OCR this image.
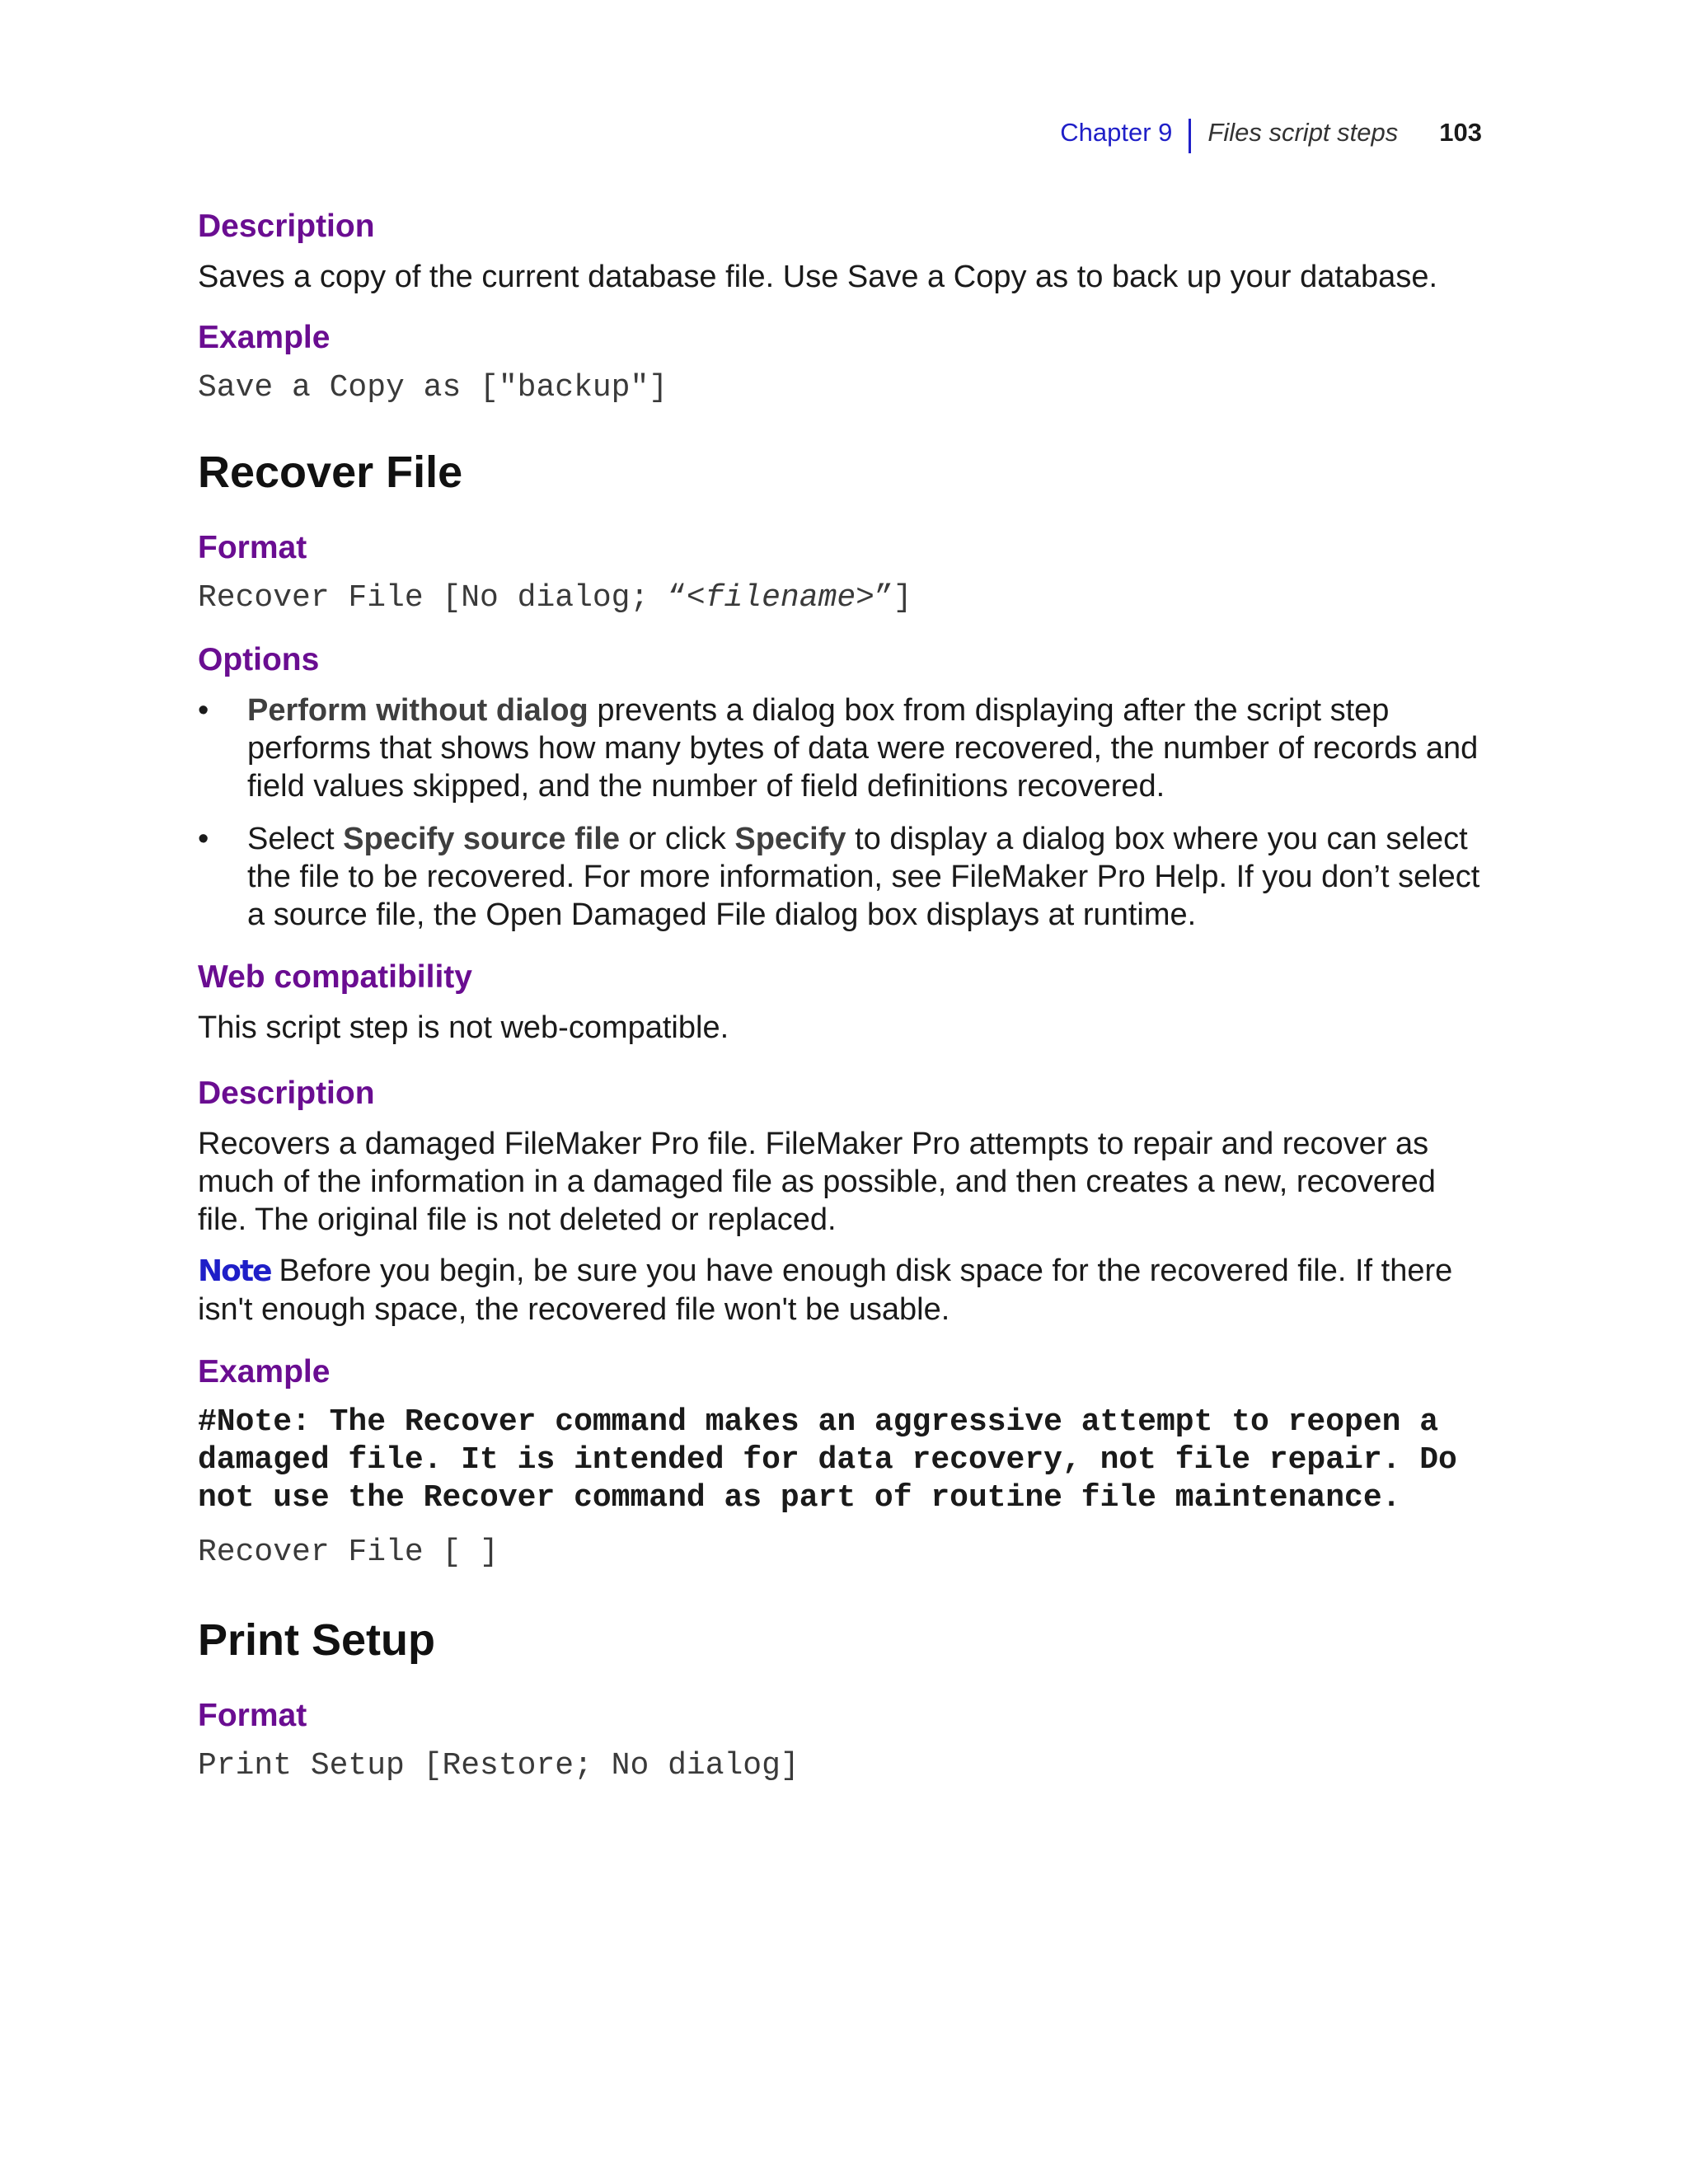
Chapter 9 Files script steps 103
Description

Saves a copy of the current database file. Use Save a Copy as to back up your database.

Example
Save a Copy as ["backup"]
Recover File
Format
Recover File [No dialog; “<filename>”]
Options
• Perform without dialog prevents a dialog box from displaying after the script step performs that shows how many bytes of data were recovered, the number of records and field values skipped, and the number of field definitions recovered.
• Select Specify source file or click Specify to display a dialog box where you can select the file to be recovered. For more information, see FileMaker Pro Help. If you don’t select a source file, the Open Damaged File dialog box displays at runtime.
Web compatibility

This script step is not web-compatible.

Description

Recovers a damaged FileMaker Pro file. FileMaker Pro attempts to repair and recover as much of the information in a damaged file as possible, and then creates a new, recovered file. The original file is not deleted or replaced.

Note Before you begin, be sure you have enough disk space for the recovered file. If there isn't enough space, the recovered file won't be usable.

Example
#Note: The Recover command makes an aggressive attempt to reopen a damaged file. It is intended for data recovery, not file repair. Do not use the Recover command as part of routine file maintenance.
Recover File [ ]
Print Setup
Format
Print Setup [Restore; No dialog]
